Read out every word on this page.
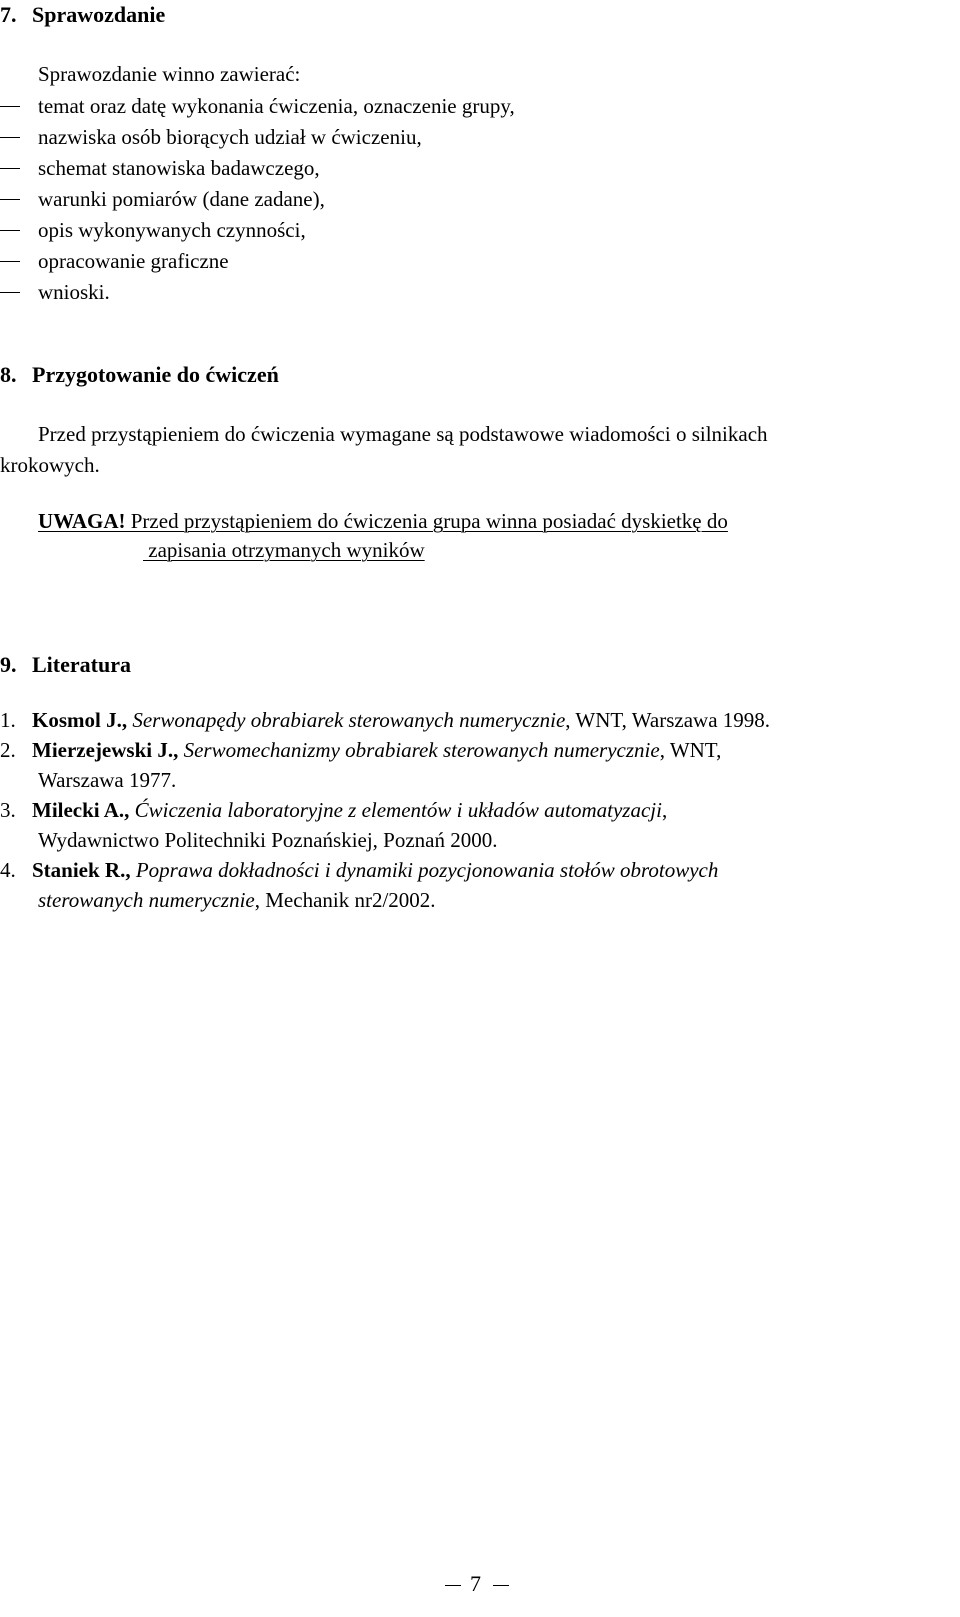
7. Sprawozdanie
Sprawozdanie winno zawierać:
temat oraz datę wykonania ćwiczenia, oznaczenie grupy,
nazwiska osób biorących udział w ćwiczeniu,
schemat stanowiska badawczego,
warunki pomiarów (dane zadane),
opis wykonywanych czynności,
opracowanie graficzne
wnioski.
8. Przygotowanie do ćwiczeń
Przed przystąpieniem do ćwiczenia wymagane są podstawowe wiadomości o silnikach
krokowych.
UWAGA! Przed przystąpieniem do ćwiczenia grupa winna posiadać dyskietkę do
zapisania otrzymanych wyników
9. Literatura
1. Kosmol J., Serwonapędy obrabiarek sterowanych numerycznie, WNT, Warszawa 1998.
2. Mierzejewski J., Serwomechanizmy obrabiarek sterowanych numerycznie, WNT,
Warszawa 1977.
3. Milecki A., Ćwiczenia laboratoryjne z elementów i układów automatyzacji,
Wydawnictwo Politechniki Poznańskiej, Poznań 2000.
4. Staniek R., Poprawa dokładności i dynamiki pozycjonowania stołów obrotowych
sterowanych numerycznie, Mechanik nr2/2002.
7
